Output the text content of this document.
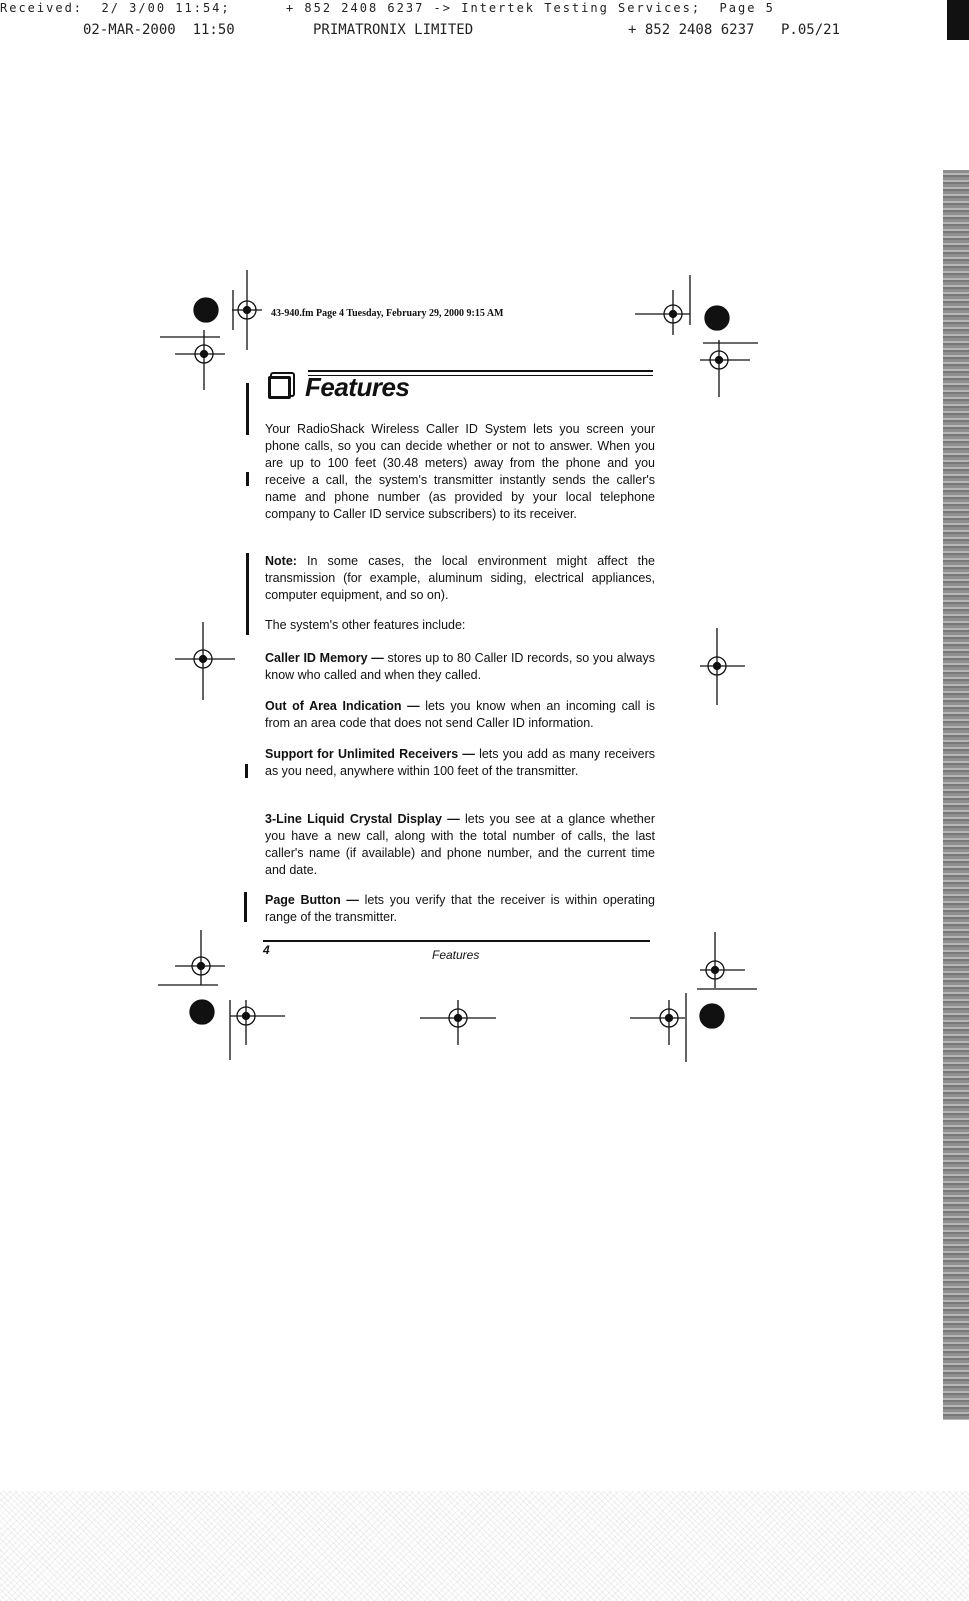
Received:  2/ 3/00 11:54;      + 852 2408 6237 -> Intertek Testing Services;  Page 5

02-MAR-2000  11:50

	PRIMATRONIX LIMITED

	+ 852 2408 6237

P.05/21

43-940.fm Page 4 Tuesday, February 29, 2000 9:15 AM
Features
Your RadioShack Wireless Caller ID System lets you screen your phone calls, so you can decide whether or not to answer. When you are up to 100 feet (30.48 meters) away from the phone and you receive a call, the system's transmitter instantly sends the caller's name and phone number (as provided by your local telephone company to Caller ID service subscribers) to its receiver.
Note: In some cases, the local environment might affect the transmission (for example, aluminum siding, electrical appliances, computer equipment, and so on).
The system's other features include:
Caller ID Memory — stores up to 80 Caller ID records, so you always know who called and when they called.
Out of Area Indication — lets you know when an incoming call is from an area code that does not send Caller ID information.
Support for Unlimited Receivers — lets you add as many receivers as you need, anywhere within 100 feet of the transmitter.
3-Line Liquid Crystal Display — lets you see at a glance whether you have a new call, along with the total number of calls, the last caller's name (if available) and phone number, and the current time and date.
Page Button — lets you verify that the receiver is within operating range of the transmitter.
4	Features
